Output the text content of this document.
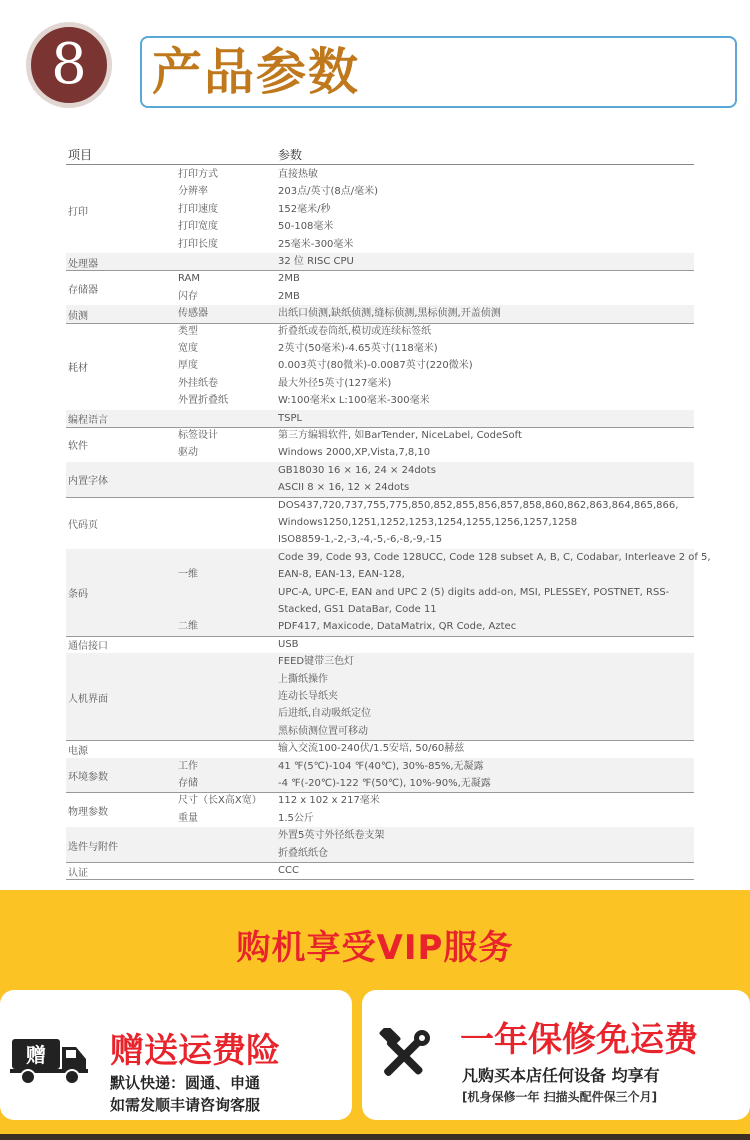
8 产品参数
项目	参数
打印
打印方式	直接热敏
分辨率	203点/英寸(8点/毫米)
打印速度	152毫米/秒
打印宽度	50-108毫米
打印长度	25毫米-300毫米
处理器	32 位 RISC CPU
存储器
RAM	2MB
闪存	2MB
侦测	传感器	出纸口侦测,缺纸侦测,缝标侦测,黑标侦测,开盖侦测
耗材
类型	折叠纸或卷筒纸,模切或连续标签纸
宽度	2英寸(50毫米)-4.65英寸(118毫米)
厚度	0.003英寸(80微米)-0.0087英寸(220微米)
外挂纸卷	最大外径5英寸(127毫米)
外置折叠纸	W:100毫米x L:100毫米-300毫米
编程语言	TSPL
软件
标签设计	第三方编辑软件, 如BarTender, NiceLabel, CodeSoft
驱动	Windows 2000,XP,Vista,7,8,10
内置字体
GB18030 16 × 16, 24 × 24dots
ASCII 8 × 16, 12 × 24dots
代码页
DOS437,720,737,755,775,850,852,855,856,857,858,860,862,863,864,865,866,
Windows1250,1251,1252,1253,1254,1255,1256,1257,1258
ISO8859-1,-2,-3,-4,-5,-6,-8,-9,-15
条码
Code 39, Code 93, Code 128UCC, Code 128 subset A, B, C, Codabar, Interleave 2 of 5,
一维	EAN-8, EAN-13, EAN-128,
UPC-A, UPC-E, EAN and UPC 2 (5) digits add-on, MSI, PLESSEY, POSTNET, RSS-
Stacked, GS1 DataBar, Code 11
二维	PDF417, Maxicode, DataMatrix, QR Code, Aztec
通信接口	USB
人机界面
FEED键带三色灯
上撕纸操作
连动长导纸夹
后进纸,自动吸纸定位
黑标侦测位置可移动
电源	输入交流100-240伏/1.5安培, 50/60赫兹
环境参数
工作	41 ℉(5℃)-104 ℉(40℃), 30%-85%,无凝露
存储	-4 ℉(-20℃)-122 ℉(50℃), 10%-90%,无凝露
物理参数
尺寸（长X高X宽） 112 x 102 x 217毫米
重量	1.5公斤
选件与附件
外置5英寸外径纸卷支架
折叠纸纸仓
认证	CCC
购机享受VIP服务
赠 赠送运费险
默认快递：圆通、申通
如需发顺丰请咨询客服
一年保修免运费
凡购买本店任何设备 均享有
[机身保修一年 扫描头配件保三个月]
